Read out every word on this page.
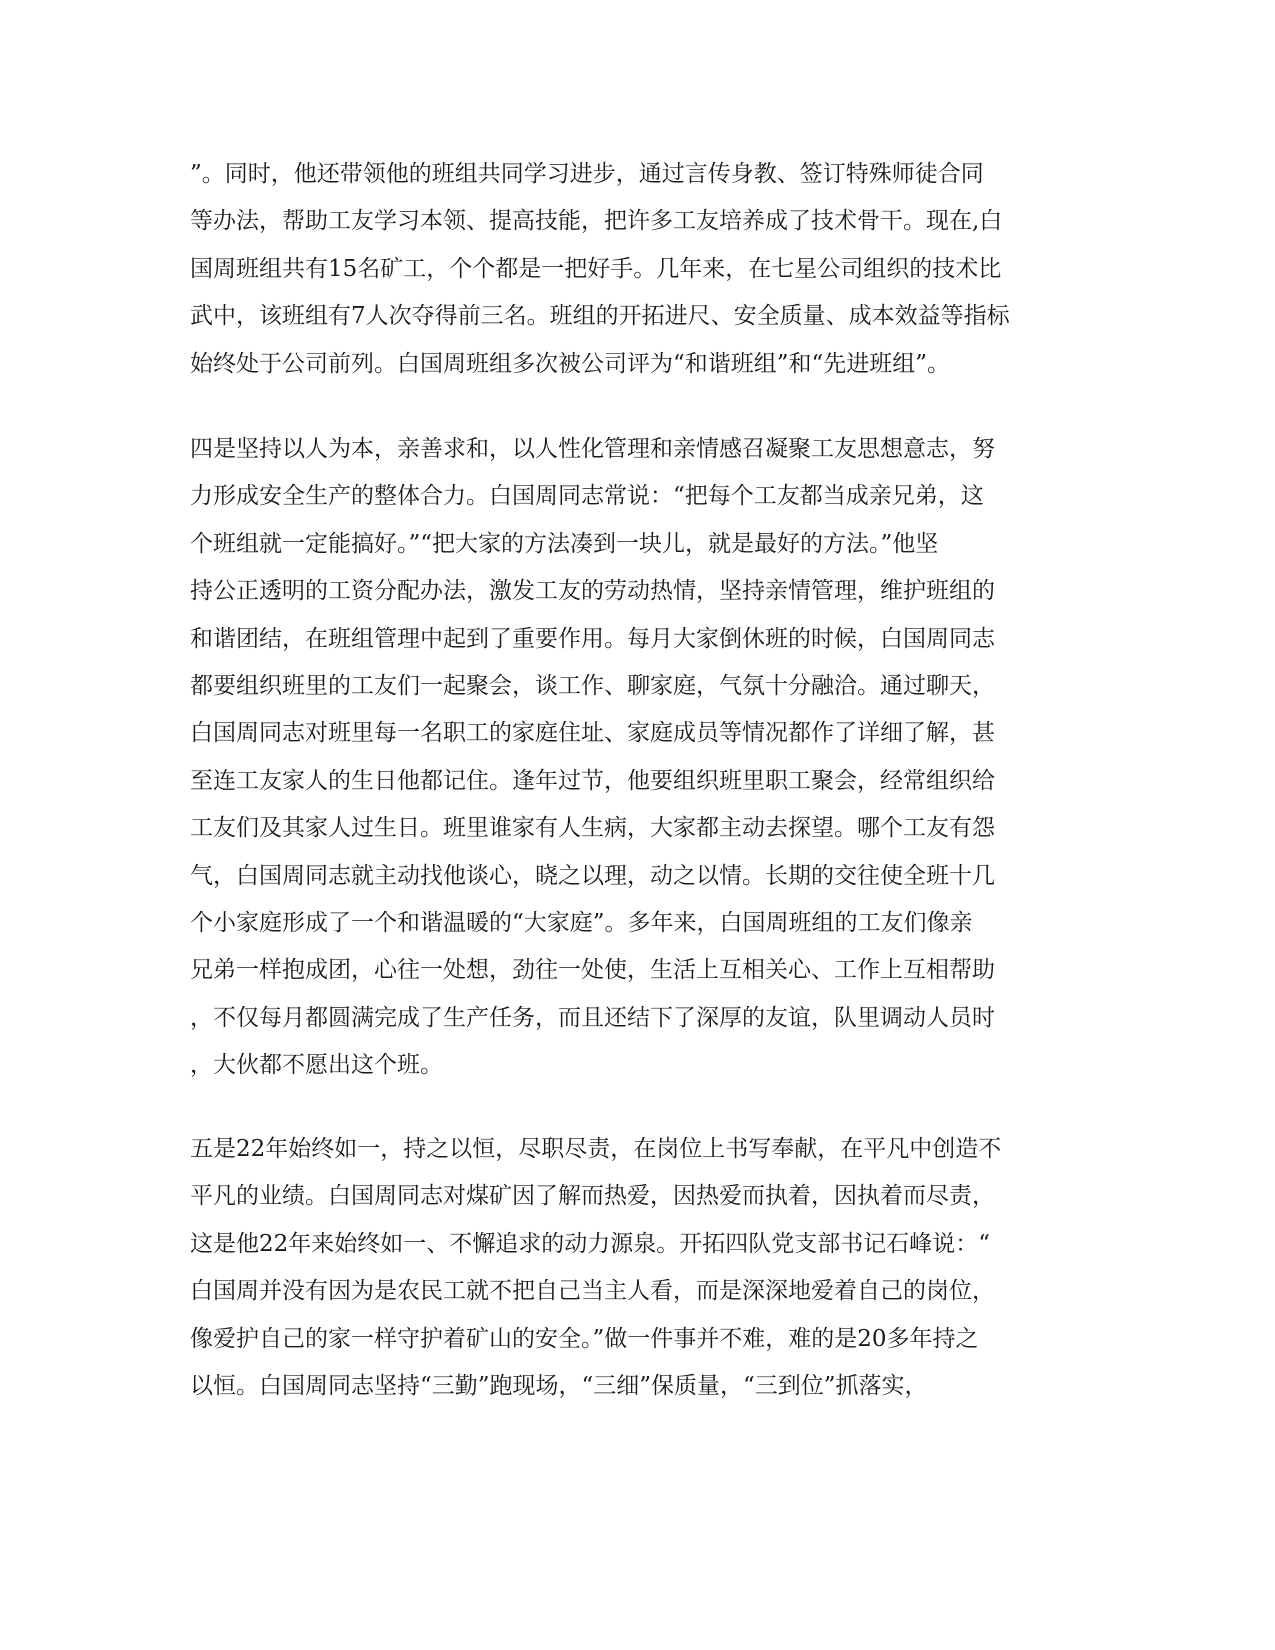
”。同时，他还带领他的班组共同学习进步，通过言传身教、签订特殊师徒合同
等办法，帮助工友学习本领、提高技能，把许多工友培养成了技术骨干。现在,白
国周班组共有15名矿工，个个都是一把好手。几年来，在七星公司组织的技术比
武中，该班组有7人次夺得前三名。班组的开拓进尺、安全质量、成本效益等指标
始终处于公司前列。白国周班组多次被公司评为“和谐班组”和“先进班组”。
四是坚持以人为本，亲善求和，以人性化管理和亲情感召凝聚工友思想意志，努
力形成安全生产的整体合力。白国周同志常说：“把每个工友都当成亲兄弟，这
个班组就一定能搞好。”“把大家的方法凑到一块儿，就是最好的方法。”他坚
持公正透明的工资分配办法，激发工友的劳动热情，坚持亲情管理，维护班组的
和谐团结，在班组管理中起到了重要作用。每月大家倒休班的时候，白国周同志
都要组织班里的工友们一起聚会，谈工作、聊家庭，气氛十分融洽。通过聊天，
白国周同志对班里每一名职工的家庭住址、家庭成员等情况都作了详细了解，甚
至连工友家人的生日他都记住。逢年过节，他要组织班里职工聚会，经常组织给
工友们及其家人过生日。班里谁家有人生病，大家都主动去探望。哪个工友有怨
气，白国周同志就主动找他谈心，晓之以理，动之以情。长期的交往使全班十几
个小家庭形成了一个和谐温暖的“大家庭”。多年来，白国周班组的工友们像亲
兄弟一样抱成团，心往一处想，劲往一处使，生活上互相关心、工作上互相帮助
，不仅每月都圆满完成了生产任务，而且还结下了深厚的友谊，队里调动人员时
，大伙都不愿出这个班。
五是22年始终如一，持之以恒，尽职尽责，在岗位上书写奉献，在平凡中创造不
平凡的业绩。白国周同志对煤矿因了解而热爱，因热爱而执着，因执着而尽责，
这是他22年来始终如一、不懈追求的动力源泉。开拓四队党支部书记石峰说：“
白国周并没有因为是农民工就不把自己当主人看，而是深深地爱着自己的岗位，
像爱护自己的家一样守护着矿山的安全。”做一件事并不难，难的是20多年持之
以恒。白国周同志坚持“三勤”跑现场，“三细”保质量，“三到位”抓落实，
